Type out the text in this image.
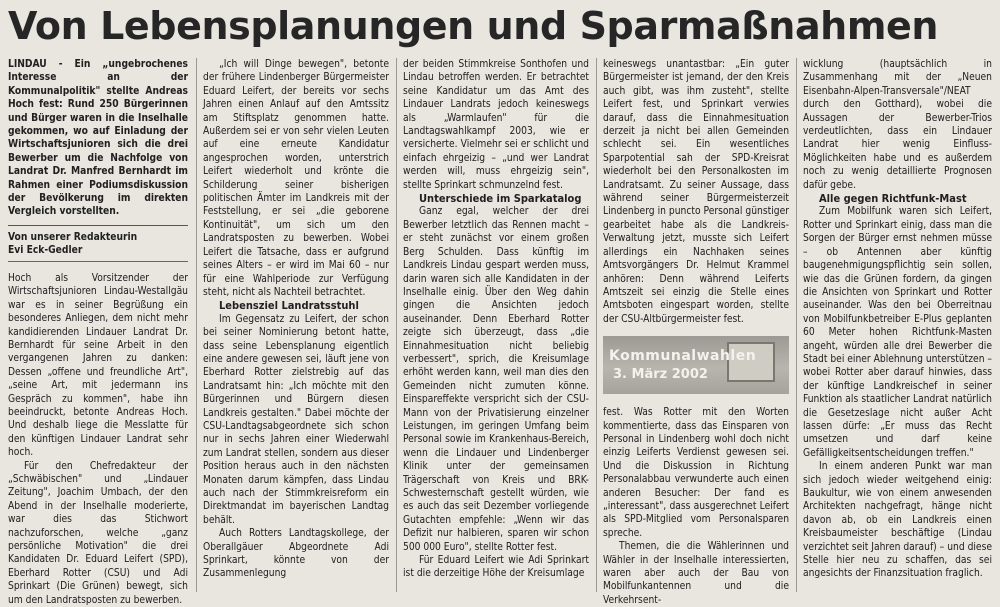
Von Lebensplanungen und Sparmaßnahmen

LINDAU - Ein „ungebrochenes Interesse an der Kommunalpolitik" stellte Andreas Hoch fest: Rund 250 Bürgerinnen und Bürger waren in die Inselhalle gekommen, wo auf Einladung der Wirtschaftsjunioren sich die drei Bewerber um die Nachfolge von Landrat Dr. Manfred Bernhardt im Rahmen einer Podiumsdiskussion der Bevölkerung im direkten Vergleich vorstellten.

Von unserer Redakteurin
Evi Eck-Gedler

Hoch als Vorsitzender der Wirtschaftsjunioren Lindau-Westallgäu war es in seiner Begrüßung ein besonderes Anliegen, dem nicht mehr kandidierenden Lindauer Landrat Dr. Bernhardt für seine Arbeit in den vergangenen Jahren zu danken: Dessen „offene und freundliche Art", „seine Art, mit jedermann ins Gespräch zu kommen", habe ihn beeindruckt, betonte Andreas Hoch. Und deshalb liege die Messlatte für den künftigen Lindauer Landrat sehr hoch.

Für den Chefredakteur der „Schwäbischen" und „Lindauer Zeitung", Joachim Umbach, der den Abend in der Inselhalle moderierte, war dies das Stichwort nachzuforschen, welche „ganz persönliche Motivation" die drei Kandidaten Dr. Eduard Leifert (SPD), Eberhard Rotter (CSU) und Adi Sprinkart (Die Grünen) bewegt, sich um den Landratsposten zu bewerben.

„Ich will Dinge bewegen", betonte der frühere Lindenberger Bürgermeister Eduard Leifert, der bereits vor sechs Jahren einen Anlauf auf den Amtssitz am Stiftsplatz genommen hatte. Außerdem sei er von sehr vielen Leuten auf eine erneute Kandidatur angesprochen worden, unterstrich Leifert wiederholt und krönte die Schilderung seiner bisherigen politischen Ämter im Landkreis mit der Feststellung, er sei „die geborene Kontinuität", um sich um den Landratsposten zu bewerben. Wobei Leifert die Tatsache, dass er aufgrund seines Alters – er wird im Mai 60 – nur für eine Wahlperiode zur Verfügung steht, nicht als Nachteil betrachtet.

Lebensziel Landratsstuhl

Im Gegensatz zu Leifert, der schon bei seiner Nominierung betont hatte, dass seine Lebensplanung eigentlich eine andere gewesen sei, läuft jene von Eberhard Rotter zielstrebig auf das Landratsamt hin: „Ich möchte mit den Bürgerinnen und Bürgern diesen Landkreis gestalten." Dabei möchte der CSU-Landtagsabgeordnete sich schon nur in sechs Jahren einer Wiederwahl zum Landrat stellen, sondern aus dieser Position heraus auch in den nächsten Monaten darum kämpfen, dass Lindau auch nach der Stimmkreisreform ein Direktmandat im bayerischen Landtag behält.

Auch Rotters Landtagskollege, der Oberallgäuer Abgeordnete Adi Sprinkart, könnte von der Zusammenlegung

der beiden Stimmkreise Sonthofen und Lindau betroffen werden. Er betrachtet seine Kandidatur um das Amt des Lindauer Landrats jedoch keineswegs als „Warmlaufen" für die Landtagswahlkampf 2003, wie er versicherte. Vielmehr sei er schlicht und einfach ehrgeizig – „und wer Landrat werden will, muss ehrgeizig sein", stellte Sprinkart schmunzelnd fest.

Unterschiede im Sparkatalog

Ganz egal, welcher der drei Bewerber letztlich das Rennen macht – er steht zunächst vor einem großen Berg Schulden. Dass künftig im Landkreis Lindau gespart werden muss, darin waren sich alle Kandidaten in der Inselhalle einig. Über den Weg dahin gingen die Ansichten jedoch auseinander. Denn Eberhard Rotter zeigte sich überzeugt, dass „die Einnahmesituation nicht beliebig verbessert", sprich, die Kreisumlage erhöht werden kann, weil man dies den Gemeinden nicht zumuten könne. Einspareffekte verspricht sich der CSU-Mann von der Privatisierung einzelner Leistungen, im geringen Umfang beim Personal sowie im Krankenhaus-Bereich, wenn die Lindauer und Lindenberger Klinik unter der gemeinsamen Trägerschaft von Kreis und BRK-Schwesternschaft gestellt würden, wie es auch das seit Dezember vorliegende Gutachten empfehle: „Wenn wir das Defizit nur halbieren, sparen wir schon 500 000 Euro", stellte Rotter fest.

Für Eduard Leifert wie Adi Sprinkart ist die derzeitige Höhe der Kreisumlage

keineswegs unantastbar: „Ein guter Bürgermeister ist jemand, der den Kreis auch gibt, was ihm zusteht", stellte Leifert fest, und Sprinkart verwies darauf, dass die Einnahmesituation derzeit ja nicht bei allen Gemeinden schlecht sei. Ein wesentliches Sparpotential sah der SPD-Kreisrat wiederholt bei den Personalkosten im Landratsamt. Zu seiner Aussage, dass während seiner Bürgermeisterzeit Lindenberg in puncto Personal günstiger gearbeitet habe als die Landkreis-Verwaltung jetzt, musste sich Leifert allerdings ein Nachhaken seines Amtsvorgängers Dr. Helmut Krammel anhören: Denn während Leiferts Amtszeit sei einzig die Stelle eines Amtsboten eingespart worden, stellte der CSU-Altbürgermeister fest.

Kommunalwahlen
3. März 2002

fest. Was Rotter mit den Worten kommentierte, dass das Einsparen von Personal in Lindenberg wohl doch nicht einzig Leiferts Verdienst gewesen sei. Und die Diskussion in Richtung Personalabbau verwunderte auch einen anderen Besucher: Der fand es „interessant", dass ausgerechnet Leifert als SPD-Mitglied vom Personalsparen spreche.

Themen, die die Wählerinnen und Wähler in der Inselhalle interessierten, waren aber auch der Bau von Mobilfunkantennen und die Verkehrsent-

wicklung (hauptsächlich in Zusammenhang mit der „Neuen Eisenbahn-Alpen-Transversale"/NEAT durch den Gotthard), wobei die Aussagen der Bewerber-Trios verdeutlichten, dass ein Lindauer Landrat hier wenig Einfluss-Möglichkeiten habe und es außerdem noch zu wenig detaillierte Prognosen dafür gebe.

Alle gegen Richtfunk-Mast

Zum Mobilfunk waren sich Leifert, Rotter und Sprinkart einig, dass man die Sorgen der Bürger ernst nehmen müsse – ob Antennen aber künftig baugenehmigungspflichtig sein sollen, wie das die Grünen fordern, da gingen die Ansichten von Sprinkart und Rotter auseinander. Was den bei Oberreitnau von Mobilfunkbetreiber E-Plus geplanten 60 Meter hohen Richtfunk-Masten angeht, würden alle drei Bewerber die Stadt bei einer Ablehnung unterstützen – wobei Rotter aber darauf hinwies, dass der künftige Landkreischef in seiner Funktion als staatlicher Landrat natürlich die Gesetzeslage nicht außer Acht lassen dürfe: „Er muss das Recht umsetzen und darf keine Gefälligkeitsentscheidungen treffen."

In einem anderen Punkt war man sich jedoch wieder weitgehend einig: Baukultur, wie von einem anwesenden Architekten nachgefragt, hänge nicht davon ab, ob ein Landkreis einen Kreisbaumeister beschäftige (Lindau verzichtet seit Jahren darauf) – und diese Stelle hier neu zu schaffen, das sei angesichts der Finanzsituation fraglich.
